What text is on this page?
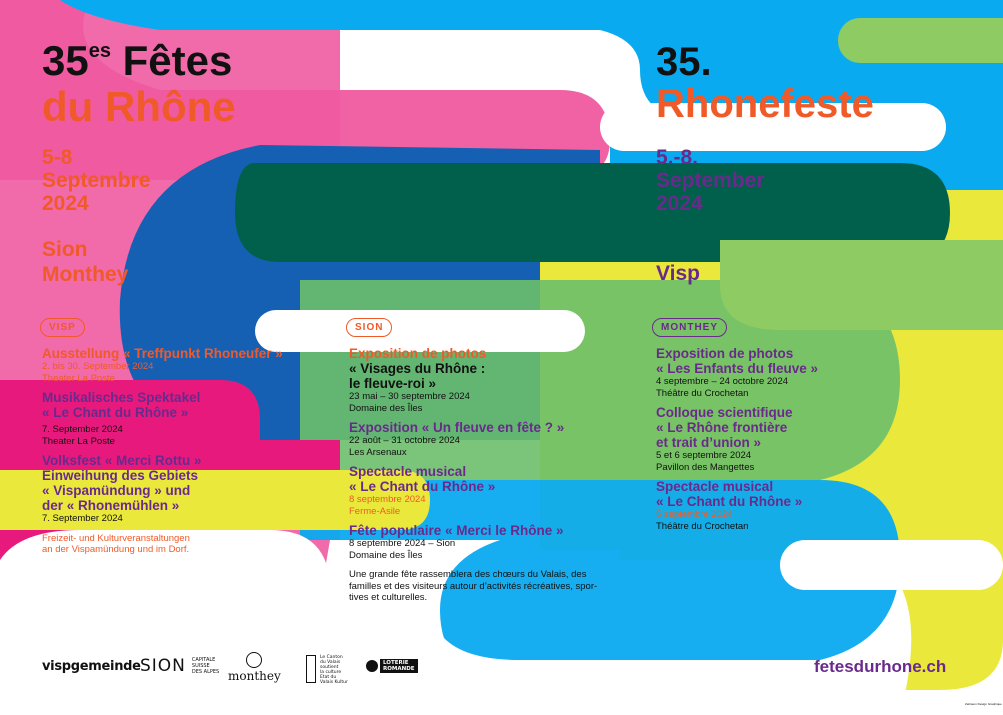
$35^{es}$ Fêtes
du Rhône
5-8
Septembre
2024
Sion
Monthey
35.
Rhonefeste
5.-8.
September
2024
Visp
VISP

Ausstellung « Treffpunkt Rhoneufer »

2. bis 30. September 2024

Theater La Poste

Musikalisches Spektakel

« Le Chant du Rhône »

7. September 2024

Theater La Poste

Volksfest « Merci Rottu »

Einweihung des Gebiets

« Vispamündung » und

der « Rhonemühlen »

7. September 2024

Freizeit- und Kulturveranstaltungen

an der Vispamündung und im Dorf.

SION

Exposition de photos

« Visages du Rhône :

le fleuve-roi »

23 mai – 30 septembre 2024

Domaine des Îles

Exposition « Un fleuve en fête ? »

22 août – 31 octobre 2024

Les Arsenaux

Spectacle musical

« Le Chant du Rhône »

8 septembre 2024

Ferme-Asile

Fête populaire « Merci le Rhône »

8 septembre 2024 – Sion

Domaine des Îles

Une grande fête rassemblera des chœurs du Valais, des

familles et des visiteurs autour d’activités récréatives, spor-

tives et culturelles.

MONTHEY

Exposition de photos

« Les Enfants du fleuve »

4 septembre – 24 octobre 2024

Théâtre du Crochetan

Colloque scientifique

« Le Rhône frontière

et trait d’union »

5 et 6 septembre 2024

Pavillon des Mangettes

Spectacle musical

« Le Chant du Rhône »

5 septembre 2024

Théâtre du Crochetan

vispgemeinde SION CAPITALE
SUISSE
DES ALPES monthey
Le Canton
du Valais
soutient
la culture
Etat du
Valais Kultur
LOTERIE
ROMANDE	fetesdurhone.ch
Zeitraum Design Graphique
